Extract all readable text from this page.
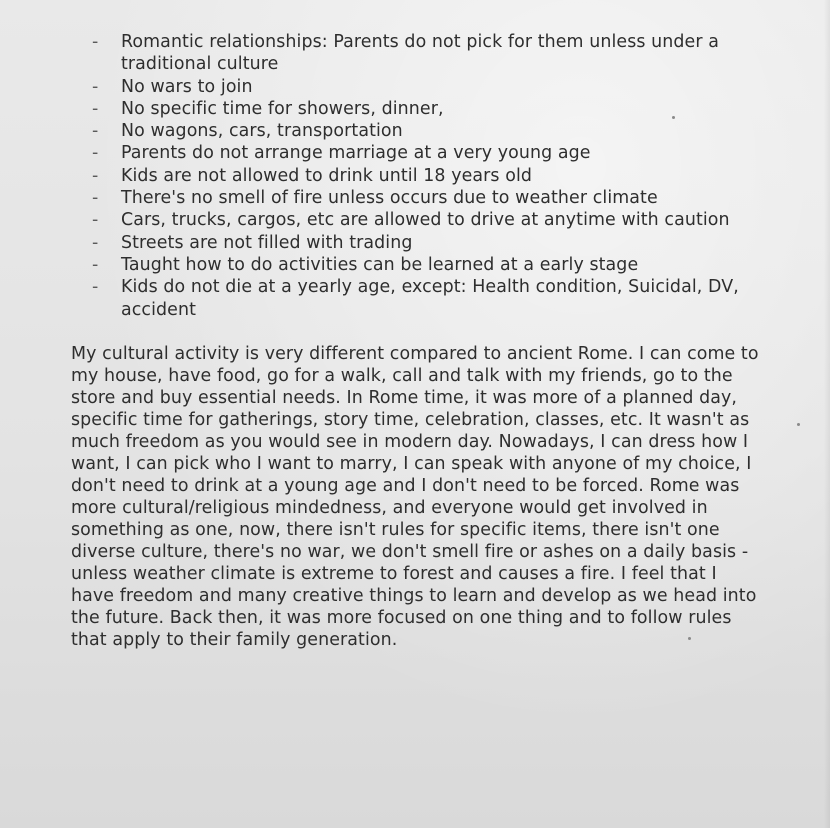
- Romantic relationships: Parents do not pick for them unless under a traditional culture
- No wars to join
- No specific time for showers, dinner,
- No wagons, cars, transportation
- Parents do not arrange marriage at a very young age
- Kids are not allowed to drink until 18 years old
- There's no smell of fire unless occurs due to weather climate
- Cars, trucks, cargos, etc are allowed to drive at anytime with caution
- Streets are not filled with trading
- Taught how to do activities can be learned at a early stage
- Kids do not die at a yearly age, except: Health condition, Suicidal, DV, accident

My cultural activity is very different compared to ancient Rome. I can come to my house, have food, go for a walk, call and talk with my friends, go to the store and buy essential needs. In Rome time, it was more of a planned day, specific time for gatherings, story time, celebration, classes, etc. It wasn't as much freedom as you would see in modern day. Nowadays, I can dress how I want, I can pick who I want to marry, I can speak with anyone of my choice, I don't need to drink at a young age and I don't need to be forced. Rome was more cultural/religious mindedness, and everyone would get involved in something as one, now, there isn't rules for specific items, there isn't one diverse culture, there's no war, we don't smell fire or ashes on a daily basis - unless weather climate is extreme to forest and causes a fire. I feel that I have freedom and many creative things to learn and develop as we head into the future. Back then, it was more focused on one thing and to follow rules that apply to their family generation.
